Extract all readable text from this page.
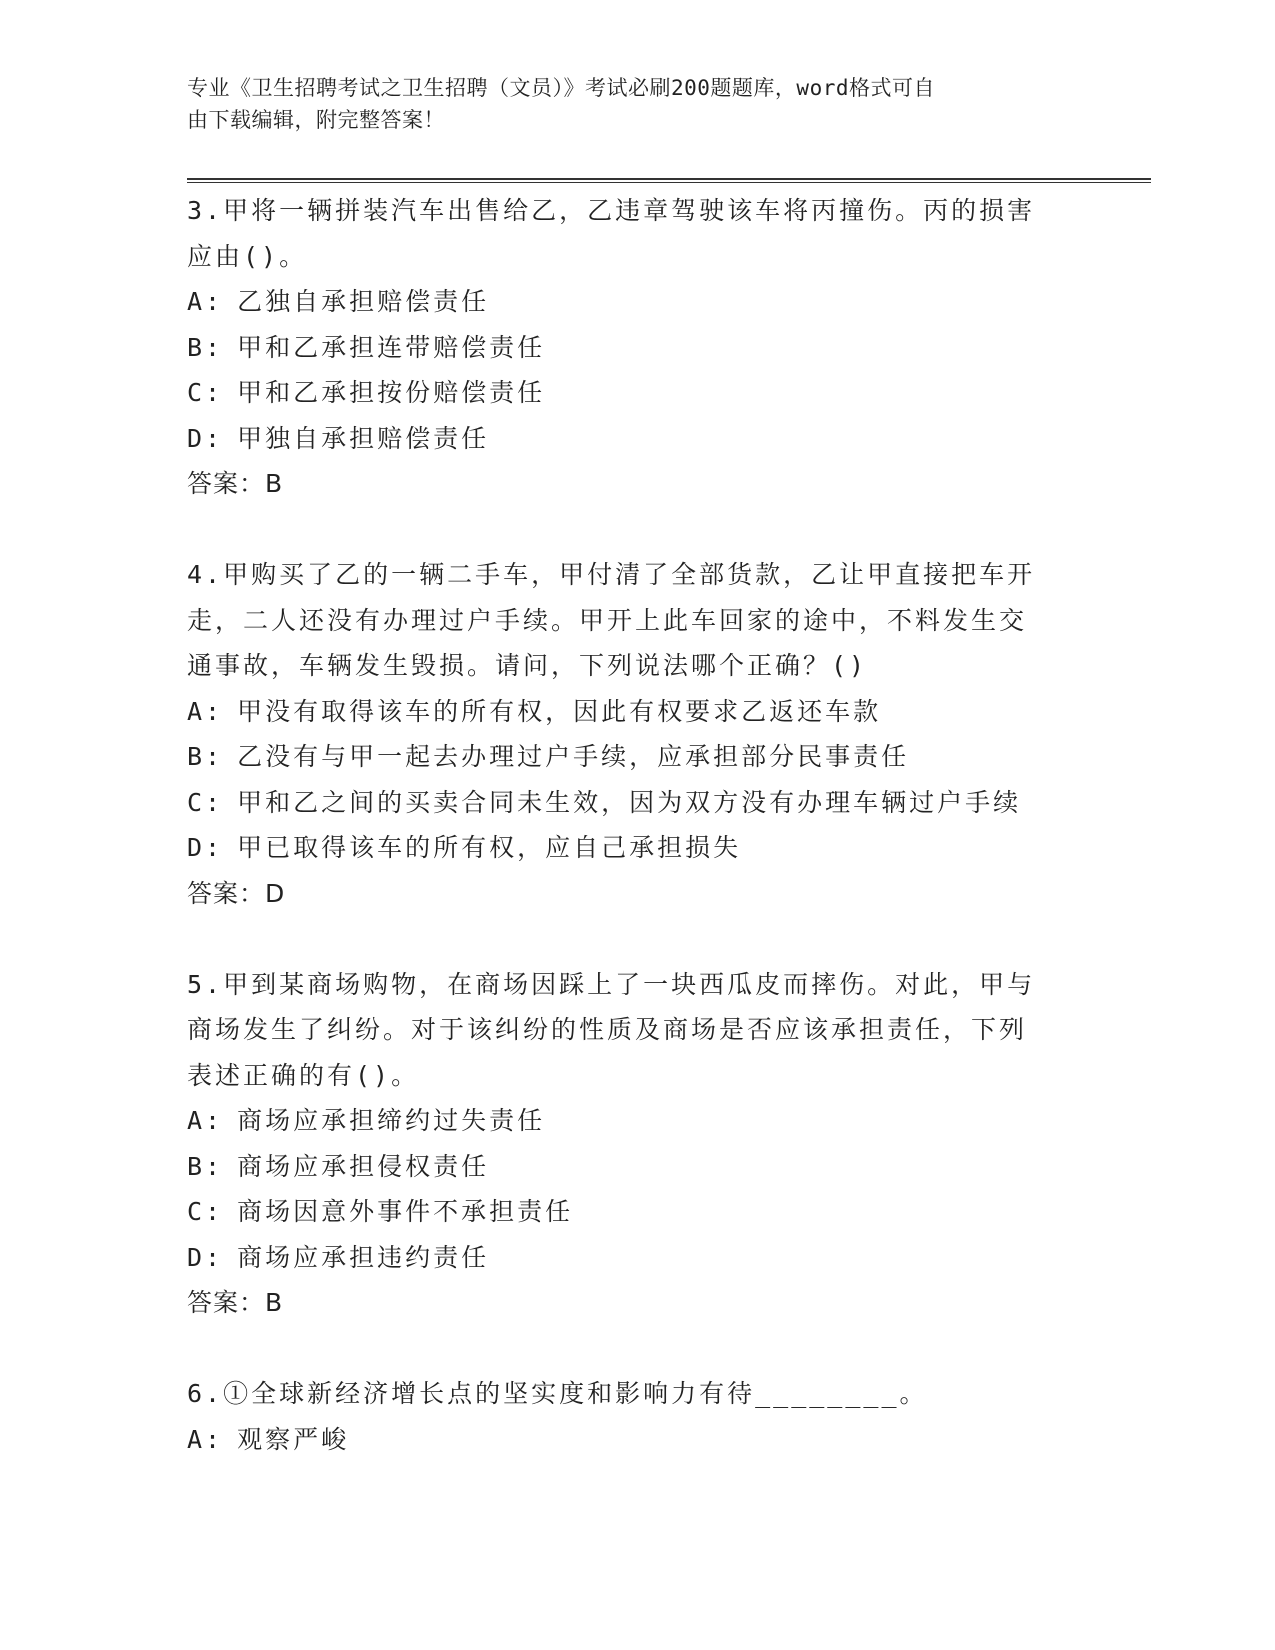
专业《卫生招聘考试之卫生招聘（文员）》考试必刷200题题库，word格式可自
由下载编辑，附完整答案！

3.甲将一辆拼装汽车出售给乙，乙违章驾驶该车将丙撞伤。丙的损害

应由()。

A: 乙独自承担赔偿责任

B: 甲和乙承担连带赔偿责任

C: 甲和乙承担按份赔偿责任

D: 甲独自承担赔偿责任

答案：B

4.甲购买了乙的一辆二手车，甲付清了全部货款，乙让甲直接把车开

走，二人还没有办理过户手续。甲开上此车回家的途中，不料发生交

通事故，车辆发生毁损。请问，下列说法哪个正确？()

A: 甲没有取得该车的所有权，因此有权要求乙返还车款

B: 乙没有与甲一起去办理过户手续，应承担部分民事责任

C: 甲和乙之间的买卖合同未生效，因为双方没有办理车辆过户手续

D: 甲已取得该车的所有权，应自己承担损失

答案：D

5.甲到某商场购物，在商场因踩上了一块西瓜皮而摔伤。对此，甲与

商场发生了纠纷。对于该纠纷的性质及商场是否应该承担责任，下列

表述正确的有()。

A: 商场应承担缔约过失责任

B: 商场应承担侵权责任

C: 商场因意外事件不承担责任

D: 商场应承担违约责任

答案：B

6.①全球新经济增长点的坚实度和影响力有待________。

A: 观察严峻
